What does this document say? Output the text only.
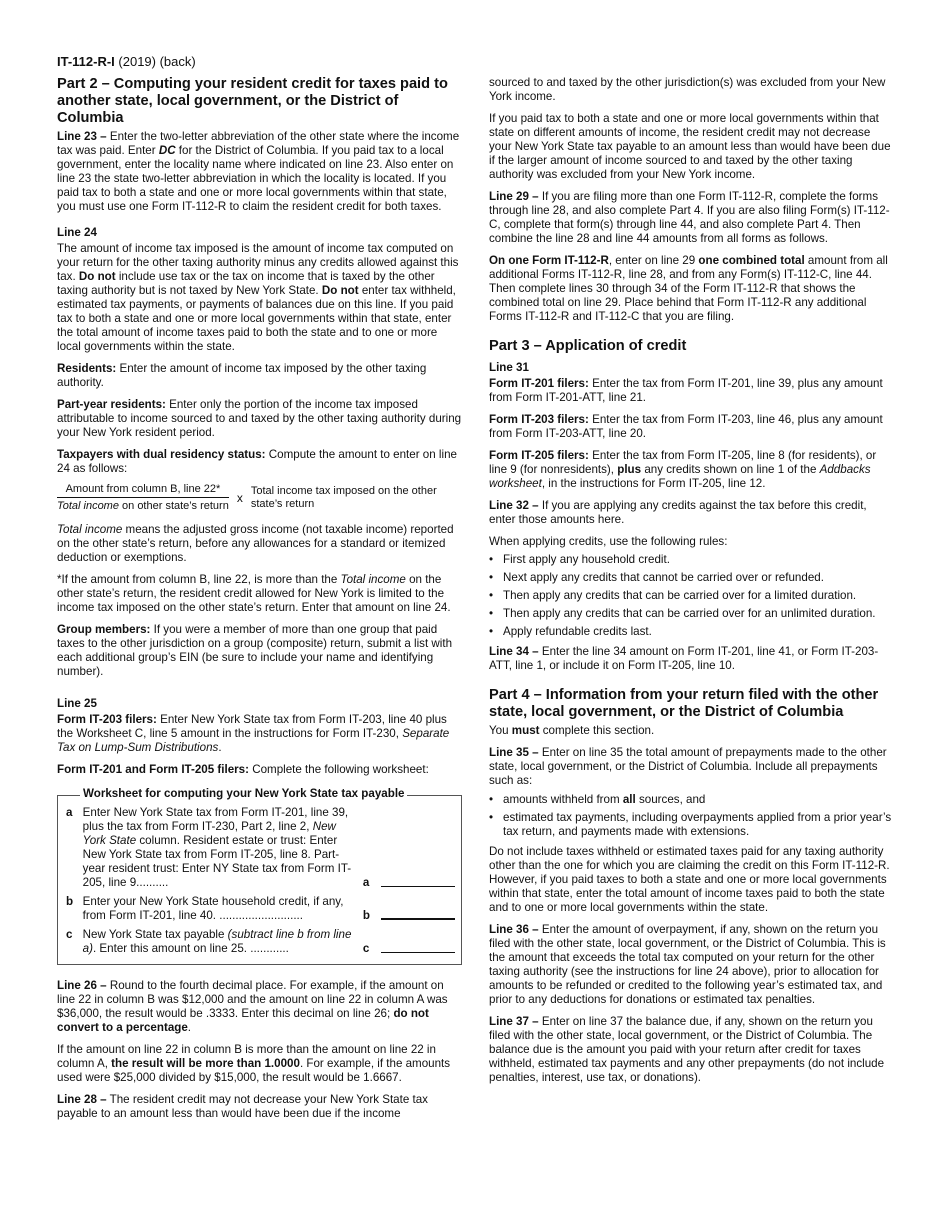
IT-112-R-I (2019) (back)
Part 2 – Computing your resident credit for taxes paid to another state, local government, or the District of Columbia

Line 23 – Enter the two-letter abbreviation of the other state where the income tax was paid. Enter DC for the District of Columbia. If you paid tax to a local government, enter the locality name where indicated on line 23. Also enter on line 23 the state two-letter abbreviation in which the locality is located. If you paid tax to both a state and one or more local governments within that state, you must use one Form IT-112-R to claim the resident credit for both taxes.

Line 24

The amount of income tax imposed is the amount of income tax computed on your return for the other taxing authority minus any credits allowed against this tax. Do not include use tax or the tax on income that is taxed by the other taxing authority but is not taxed by New York State. Do not enter tax withheld, estimated tax payments, or payments of balances due on this line. If you paid tax to both a state and one or more local governments within that state, enter the total amount of income taxes paid to both the state and to one or more local governments within the state.

Residents: Enter the amount of income tax imposed by the other taxing authority.

Part-year residents: Enter only the portion of the income tax imposed attributable to income sourced to and taxed by the other taxing authority during your New York resident period.

Taxpayers with dual residency status: Compute the amount to enter on line 24 as follows:

$\frac{\text{Amount from column B, line 22*}}{\text{Total income on other state’s return}}$ x Total income tax imposed on the other state’s return

Total income means the adjusted gross income (not taxable income) reported on the other state’s return, before any allowances for a standard or itemized deduction or exemptions.

*If the amount from column B, line 22, is more than the Total income on the other state’s return, the resident credit allowed for New York is limited to the income tax imposed on the other state’s return. Enter that amount on line 24.

Group members: If you were a member of more than one group that paid taxes to the other jurisdiction on a group (composite) return, submit a list with each additional group’s EIN (be sure to include your name and identifying number).

Line 25

Form IT-203 filers: Enter New York State tax from Form IT-203, line 40 plus the Worksheet C, line 5 amount in the instructions for Form IT-230, Separate Tax on Lump-Sum Distributions.

Form IT-201 and Form IT-205 filers: Complete the following worksheet:

Worksheet for computing your New York State tax payable
a Enter New York State tax from Form IT-201, line 39, plus the tax from Form IT-230, Part 2, line 2, New York State column. Resident estate or trust: Enter New York State tax from Form IT-205, line 8. Part-year resident trust: Enter NY State tax from Form IT-205, line 9..........	a
b Enter your New York State household credit, if any, from Form IT-201, line 40. ..........................	b
c New York State tax payable (subtract line b from line a). Enter this amount on line 25. ............	c

Line 26 – Round to the fourth decimal place. For example, if the amount on line 22 in column B was $12,000 and the amount on line 22 in column A was $36,000, the result would be .3333. Enter this decimal on line 26; do not convert to a percentage.

If the amount on line 22 in column B is more than the amount on line 22 in column A, the result will be more than 1.0000. For example, if the amounts used were $25,000 divided by $15,000, the result would be 1.6667.

Line 28 – The resident credit may not decrease your New York State tax payable to an amount less than would have been due if the income

sourced to and taxed by the other jurisdiction(s) was excluded from your New York income.

If you paid tax to both a state and one or more local governments within that state on different amounts of income, the resident credit may not decrease your New York State tax payable to an amount less than would have been due if the larger amount of income sourced to and taxed by the other taxing authority was excluded from your New York income.

Line 29 – If you are filing more than one Form IT-112-R, complete the forms through line 28, and also complete Part 4. If you are also filing Form(s) IT-112-C, complete that form(s) through line 44, and also complete Part 4. Then combine the line 28 and line 44 amounts from all forms as follows.

On one Form IT-112-R, enter on line 29 one combined total amount from all additional Forms IT-112-R, line 28, and from any Form(s) IT-112-C, line 44. Then complete lines 30 through 34 of the Form IT-112-R that shows the combined total on line 29. Place behind that Form IT-112-R any additional Forms IT-112-R and IT-112-C that you are filing.

Part 3 – Application of credit
Line 31

Form IT-201 filers: Enter the tax from Form IT-201, line 39, plus any amount from Form IT-201-ATT, line 21.

Form IT-203 filers: Enter the tax from Form IT-203, line 46, plus any amount from Form IT-203-ATT, line 20.

Form IT-205 filers: Enter the tax from Form IT-205, line 8 (for residents), or line 9 (for nonresidents), plus any credits shown on line 1 of the Addbacks worksheet, in the instructions for Form IT-205, line 12.

Line 32 – If you are applying any credits against the tax before this credit, enter those amounts here.

When applying credits, use the following rules:

• First apply any household credit.
• Next apply any credits that cannot be carried over or refunded.
• Then apply any credits that can be carried over for a limited duration.
• Then apply any credits that can be carried over for an unlimited duration.
• Apply refundable credits last.

Line 34 – Enter the line 34 amount on Form IT-201, line 41, or Form IT-203-ATT, line 1, or include it on Form IT-205, line 10.

Part 4 – Information from your return filed with the other state, local government, or the District of Columbia

You must complete this section.

Line 35 – Enter on line 35 the total amount of prepayments made to the other state, local government, or the District of Columbia. Include all prepayments such as:

• amounts withheld from all sources, and
• estimated tax payments, including overpayments applied from a prior year’s tax return, and payments made with extensions.

Do not include taxes withheld or estimated taxes paid for any taxing authority other than the one for which you are claiming the credit on this Form IT-112-R. However, if you paid taxes to both a state and one or more local governments within that state, enter the total amount of income taxes paid to both the state and to one or more local governments within the state.

Line 36 – Enter the amount of overpayment, if any, shown on the return you filed with the other state, local government, or the District of Columbia. This is the amount that exceeds the total tax computed on your return for the other taxing authority (see the instructions for line 24 above), prior to allocation for amounts to be refunded or credited to the following year’s estimated tax, and prior to any deductions for donations or estimated tax penalties.

Line 37 – Enter on line 37 the balance due, if any, shown on the return you filed with the other state, local government, or the District of Columbia. The balance due is the amount you paid with your return after credit for taxes withheld, estimated tax payments and any other prepayments (do not include penalties, interest, use tax, or donations).
